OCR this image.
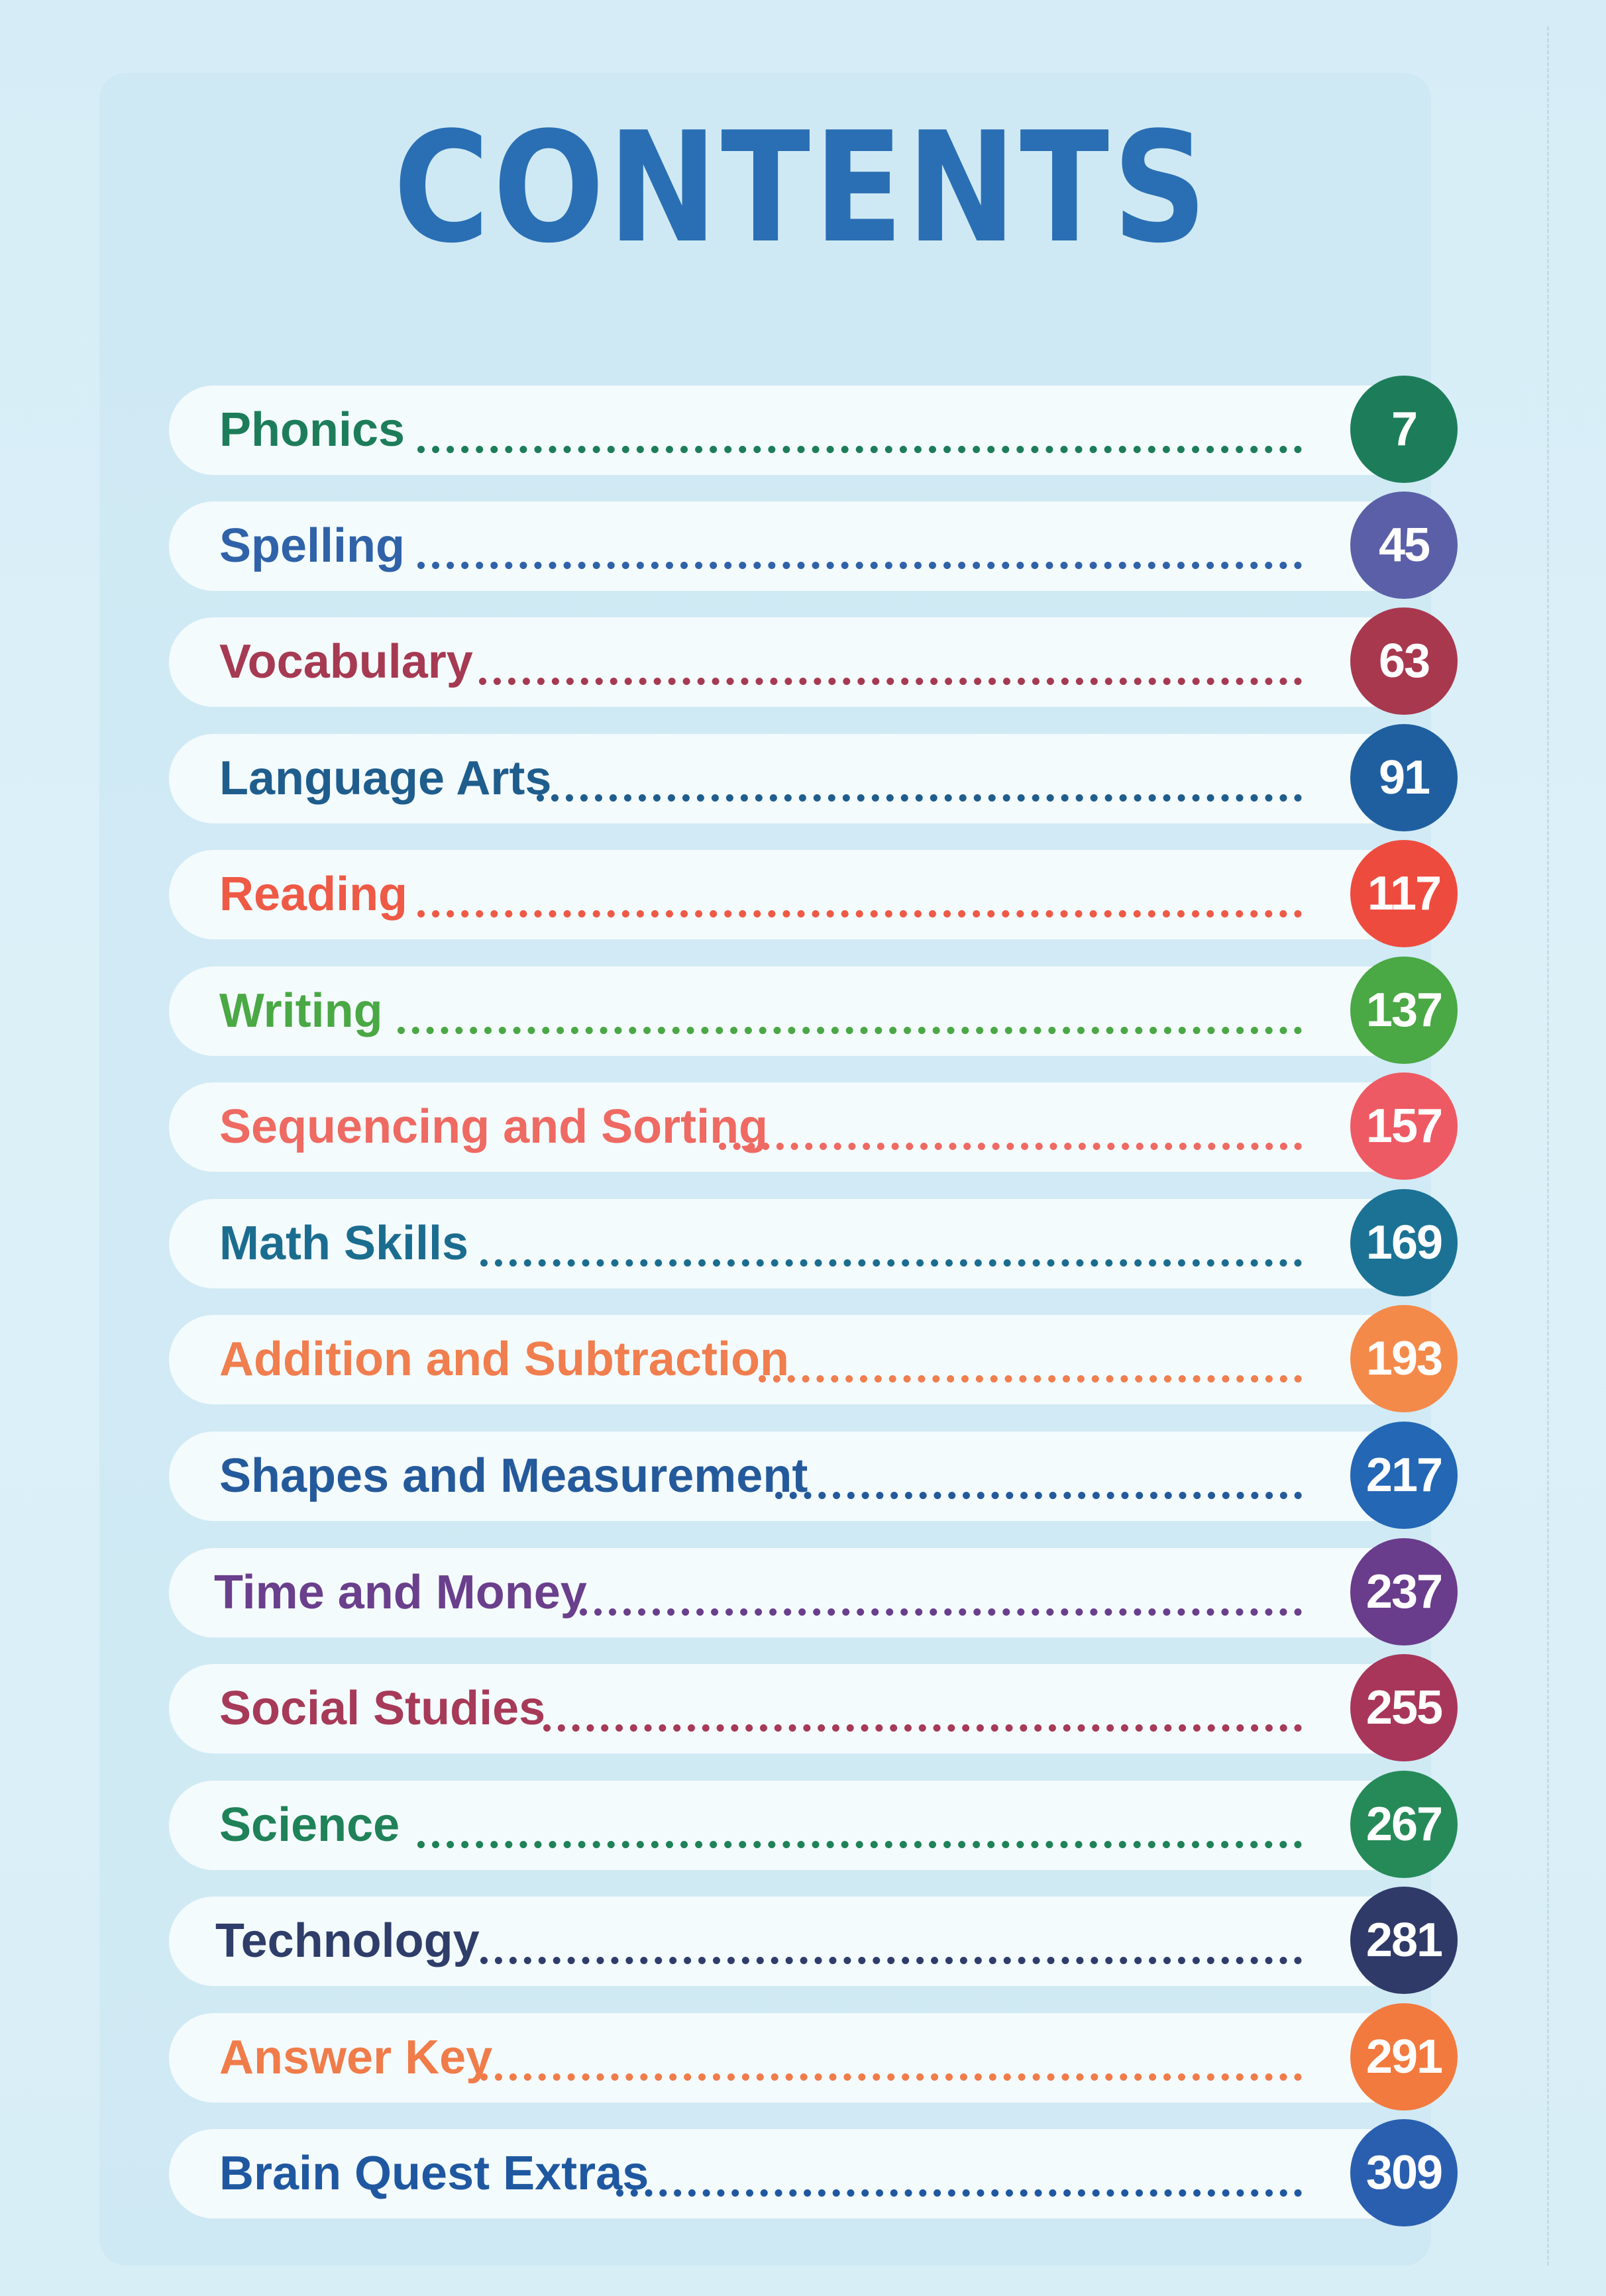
CONTENTS
Phonics	7
Spelling	45
Vocabulary	63
Language Arts	91
Reading	117
Writing	137
Sequencing and Sorting	157
Math Skills	169
Addition and Subtraction	193
Shapes and Measurement	217
Time and Money	237
Social Studies	255
Science	267
Technology	281
Answer Key	291
Brain Quest Extras	309
